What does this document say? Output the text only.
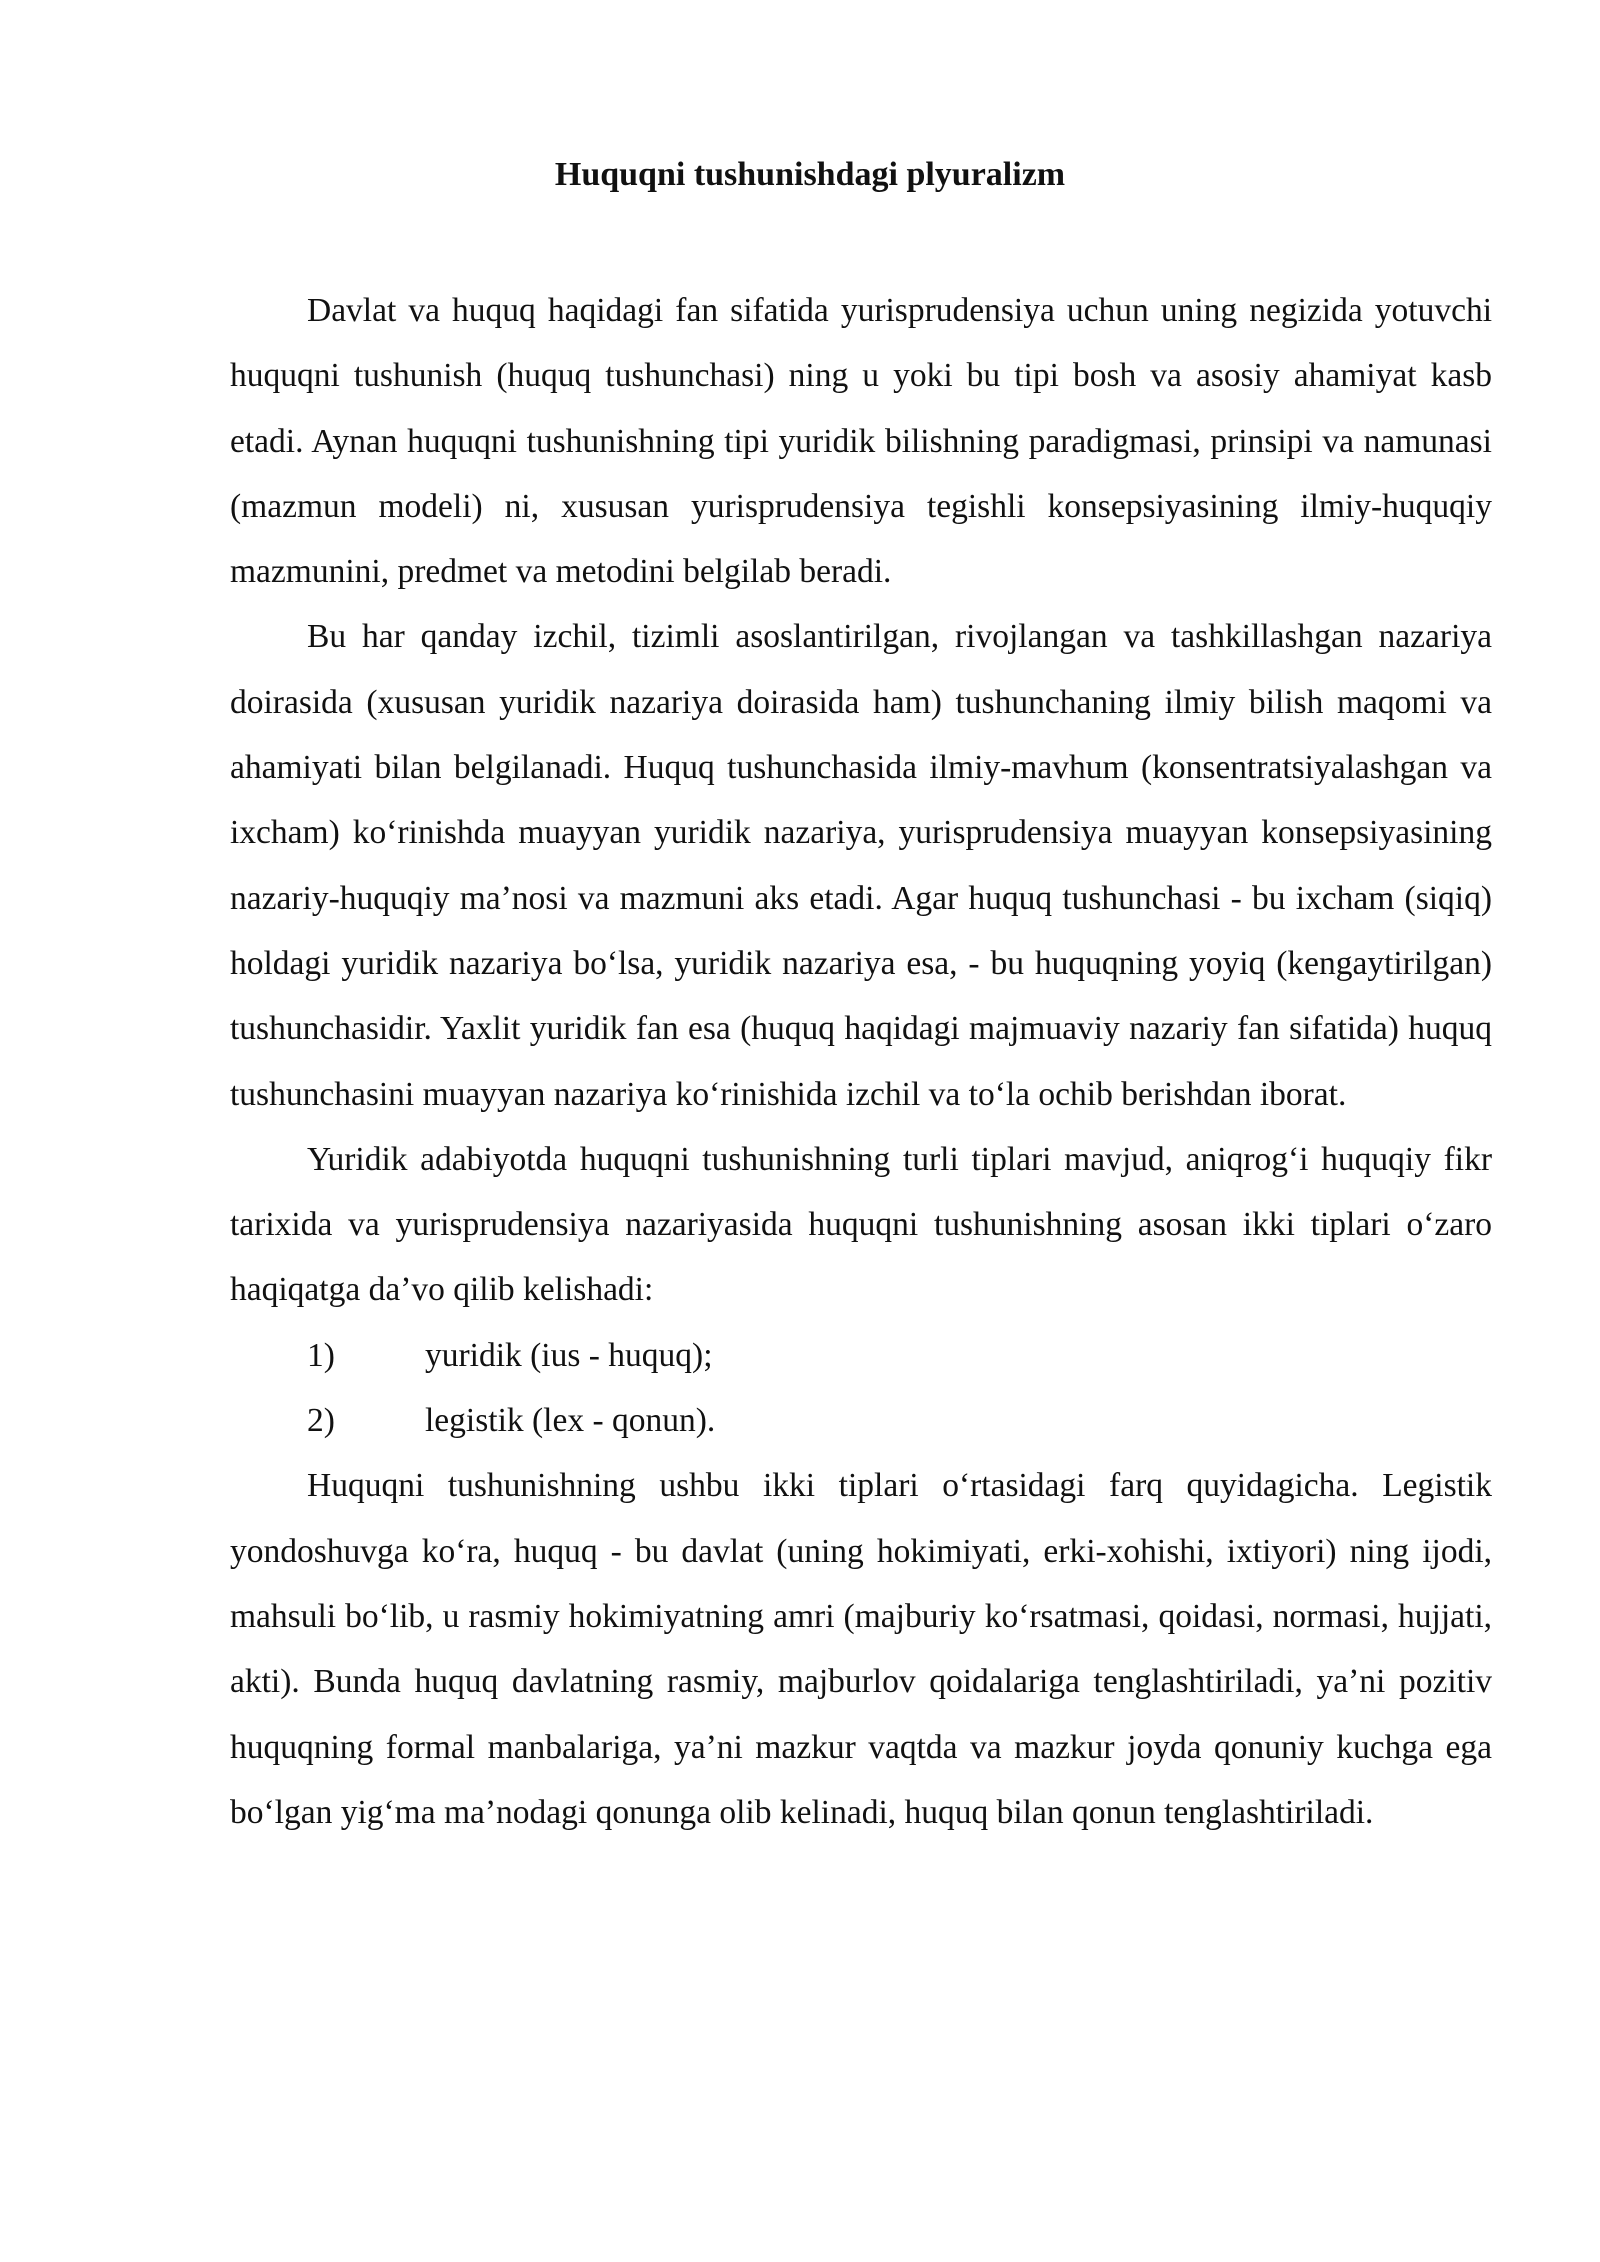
Huquqni tushunishdagi plyuralizm

Davlat va huquq haqidagi fan sifatida yurisprudensiya uchun uning negizida yotuvchi huquqni tushunish (huquq tushunchasi) ning u yoki bu tipi bosh va asosiy ahamiyat kasb etadi. Aynan huquqni tushunishning tipi yuridik bilishning paradigmasi, prinsipi va namunasi (mazmun modeli) ni, xususan yurisprudensiya tegishli konsepsiyasining ilmiy-huquqiy mazmunini, predmet va metodini belgilab beradi.

Bu har qanday izchil, tizimli asoslantirilgan, rivojlangan va tashkillashgan nazariya doirasida (xususan yuridik nazariya doirasida ham) tushunchaning ilmiy bilish maqomi va ahamiyati bilan belgilanadi. Huquq tushunchasida ilmiy-mavhum (konsentratsiyalashgan va ixcham) koʻrinishda muayyan yuridik nazariya, yurisprudensiya muayyan konsepsiyasining nazariy-huquqiy maʼnosi va mazmuni aks etadi. Agar huquq tushunchasi - bu ixcham (siqiq) holdagi yuridik nazariya boʻlsa, yuridik nazariya esa, - bu huquqning yoyiq (kengaytirilgan) tushunchasidir. Yaxlit yuridik fan esa (huquq haqidagi majmuaviy nazariy fan sifatida) huquq tushunchasini muayyan nazariya koʻrinishida izchil va toʻla ochib berishdan iborat.

Yuridik adabiyotda huquqni tushunishning turli tiplari mavjud, aniqrogʻi huquqiy fikr tarixida va yurisprudensiya nazariyasida huquqni tushunishning asosan ikki tiplari oʻzaro haqiqatga daʼvo qilib kelishadi:

1)	yuridik (ius - huquq);
2)	legistik (lex - qonun).

Huquqni tushunishning ushbu ikki tiplari oʻrtasidagi farq quyidagicha. Legistik yondoshuvga koʻra, huquq - bu davlat (uning hokimiyati, erki-xohishi, ixtiyori) ning ijodi, mahsuli boʻlib, u rasmiy hokimiyatning amri (majburiy koʻrsatmasi, qoidasi, normasi, hujjati, akti). Bunda huquq davlatning rasmiy, majburlov qoidalariga tenglashtiriladi, yaʼni pozitiv huquqning formal manbalariga, yaʼni mazkur vaqtda va mazkur joyda qonuniy kuchga ega boʻlgan yigʻma maʼnodagi qonunga olib kelinadi, huquq bilan qonun tenglashtiriladi.
